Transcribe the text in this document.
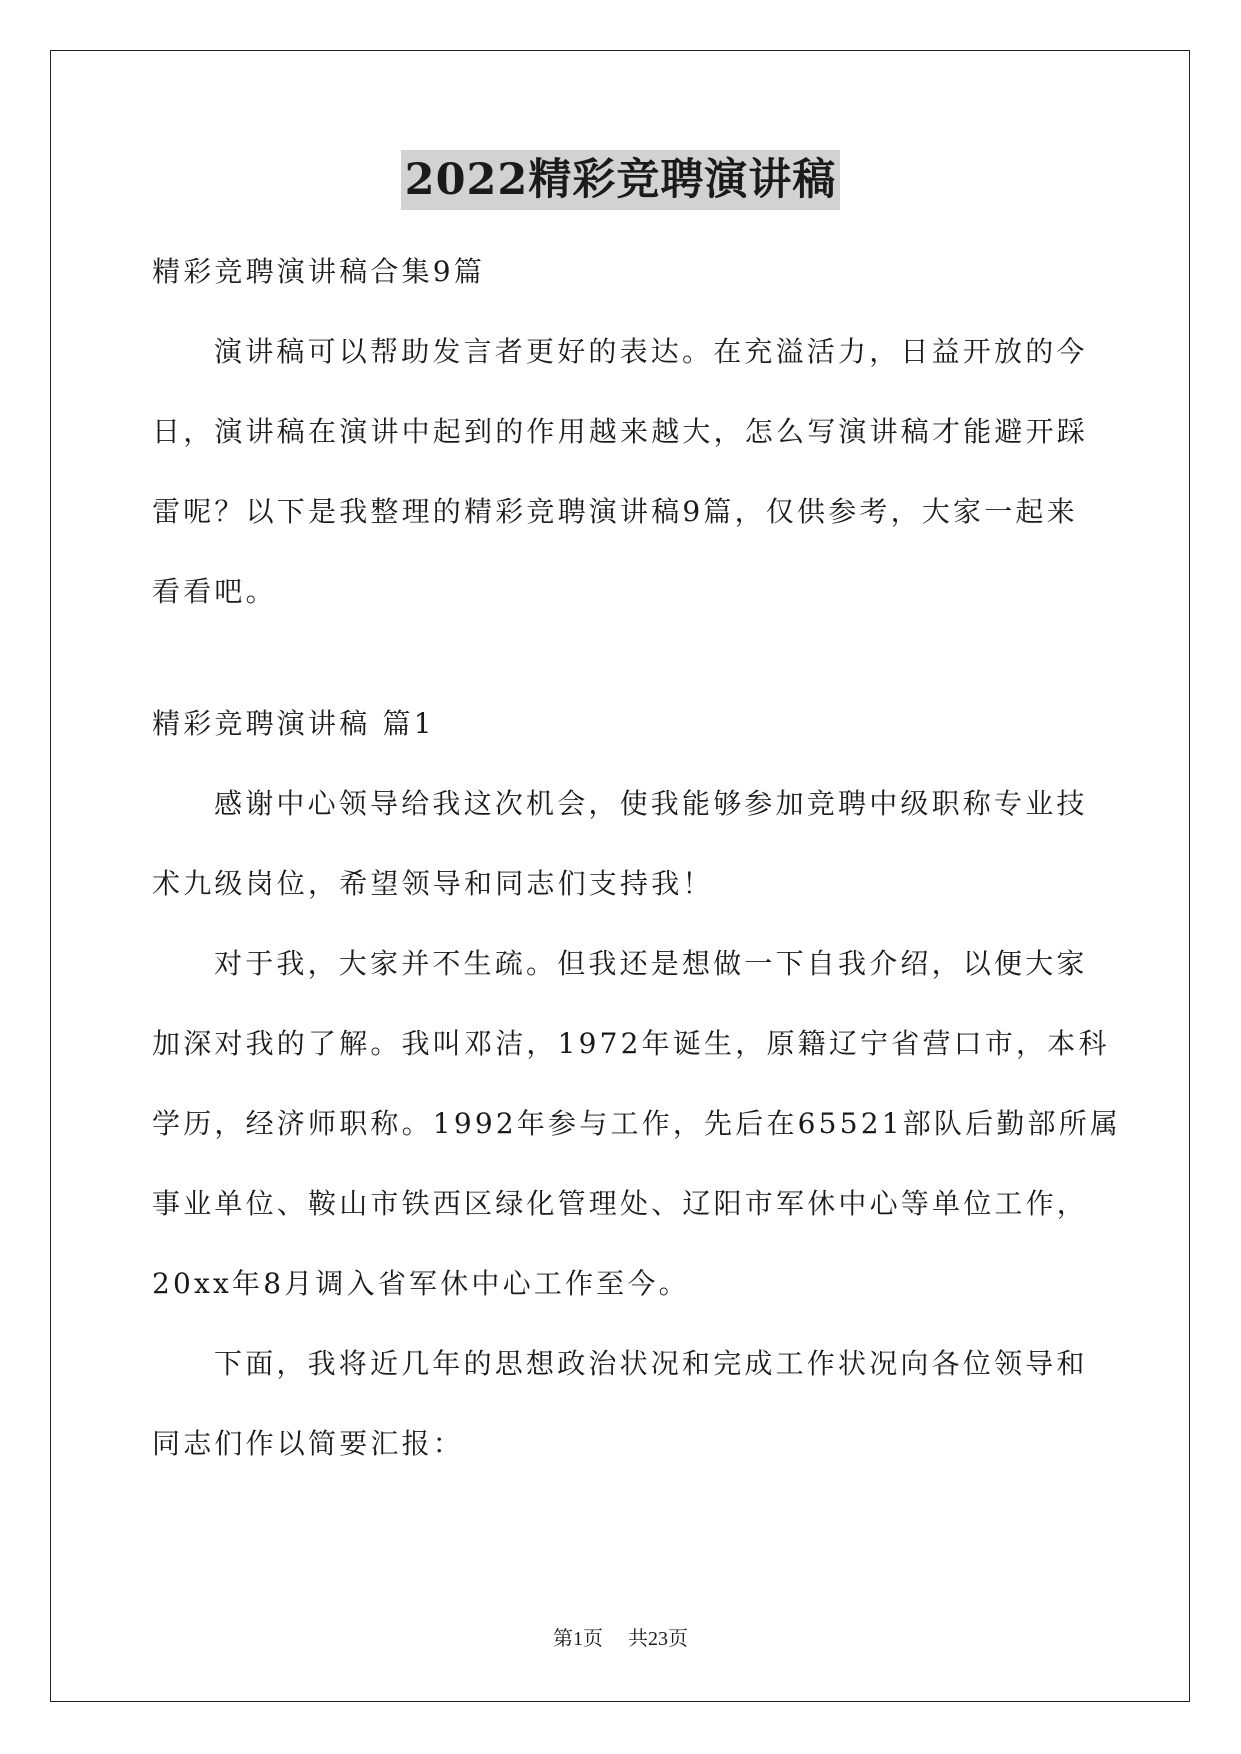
2022精彩竞聘演讲稿
精彩竞聘演讲稿合集9篇
演讲稿可以帮助发言者更好的表达。在充溢活力，日益开放的今
日，演讲稿在演讲中起到的作用越来越大，怎么写演讲稿才能避开踩
雷呢？以下是我整理的精彩竞聘演讲稿9篇，仅供参考，大家一起来
看看吧。
精彩竞聘演讲稿 篇1
感谢中心领导给我这次机会，使我能够参加竞聘中级职称专业技
术九级岗位，希望领导和同志们支持我！
对于我，大家并不生疏。但我还是想做一下自我介绍，以便大家
加深对我的了解。我叫邓洁，1972年诞生，原籍辽宁省营口市，本科
学历，经济师职称。1992年参与工作，先后在65521部队后勤部所属
事业单位、鞍山市铁西区绿化管理处、辽阳市军休中心等单位工作，
20xx年8月调入省军休中心工作至今。
下面，我将近几年的思想政治状况和完成工作状况向各位领导和
同志们作以简要汇报：
第1页 共23页
